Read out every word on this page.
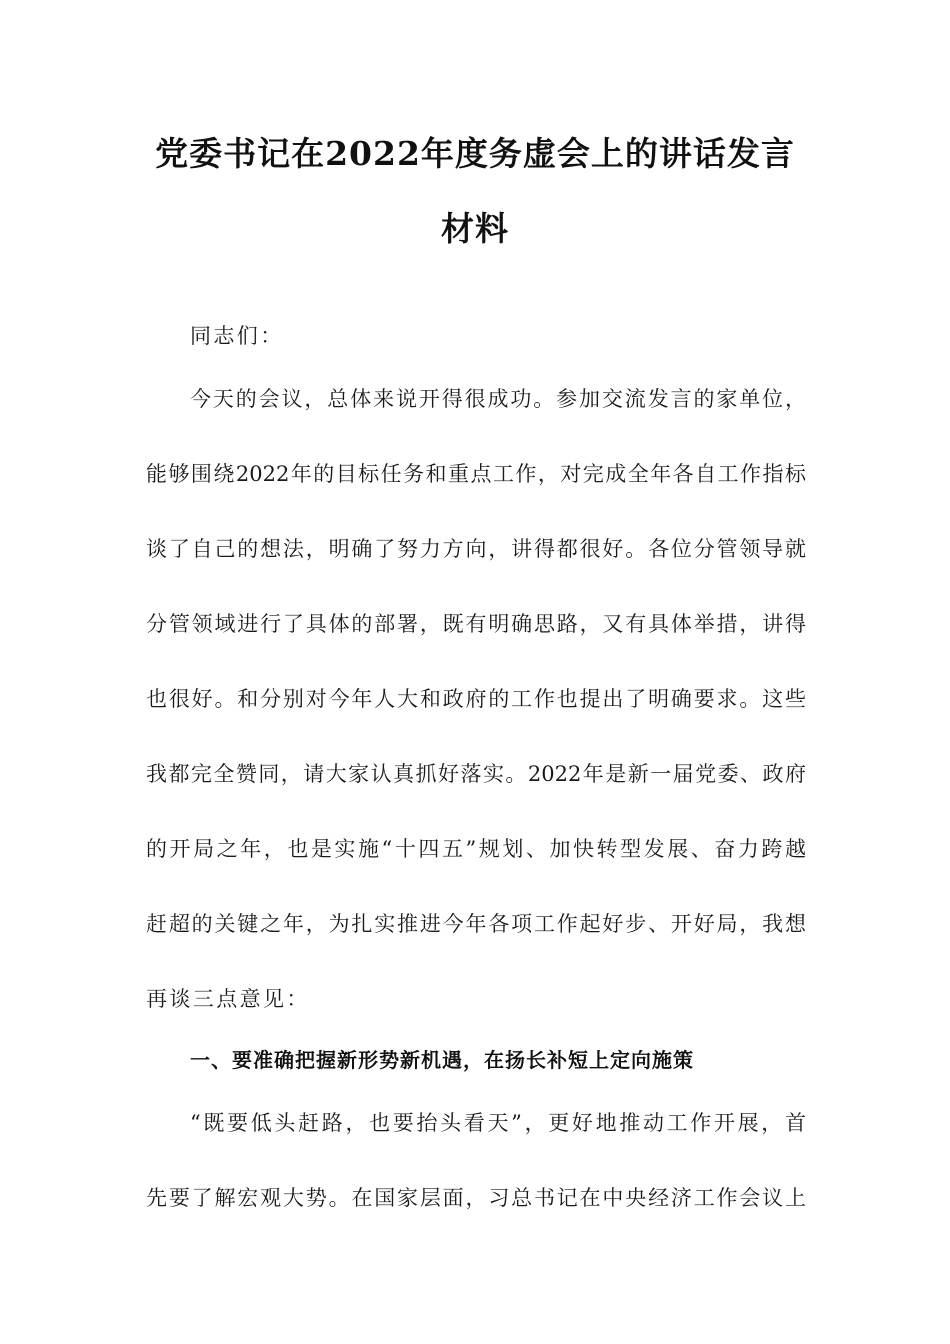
党委书记在2022年度务虚会上的讲话发言
材料
同志们：
今天的会议，总体来说开得很成功。参加交流发言的家单位，
能够围绕2022年的目标任务和重点工作，对完成全年各自工作指标
谈了自己的想法，明确了努力方向，讲得都很好。各位分管领导就
分管领域进行了具体的部署，既有明确思路，又有具体举措，讲得
也很好。和分别对今年人大和政府的工作也提出了明确要求。这些
我都完全赞同，请大家认真抓好落实。2022年是新一届党委、政府
的开局之年，也是实施“十四五”规划、加快转型发展、奋力跨越
赶超的关键之年，为扎实推进今年各项工作起好步、开好局，我想
再谈三点意见：
一、要准确把握新形势新机遇，在扬长补短上定向施策
“既要低头赶路，也要抬头看天”，更好地推动工作开展，首
先要了解宏观大势。在国家层面，习总书记在中央经济工作会议上
